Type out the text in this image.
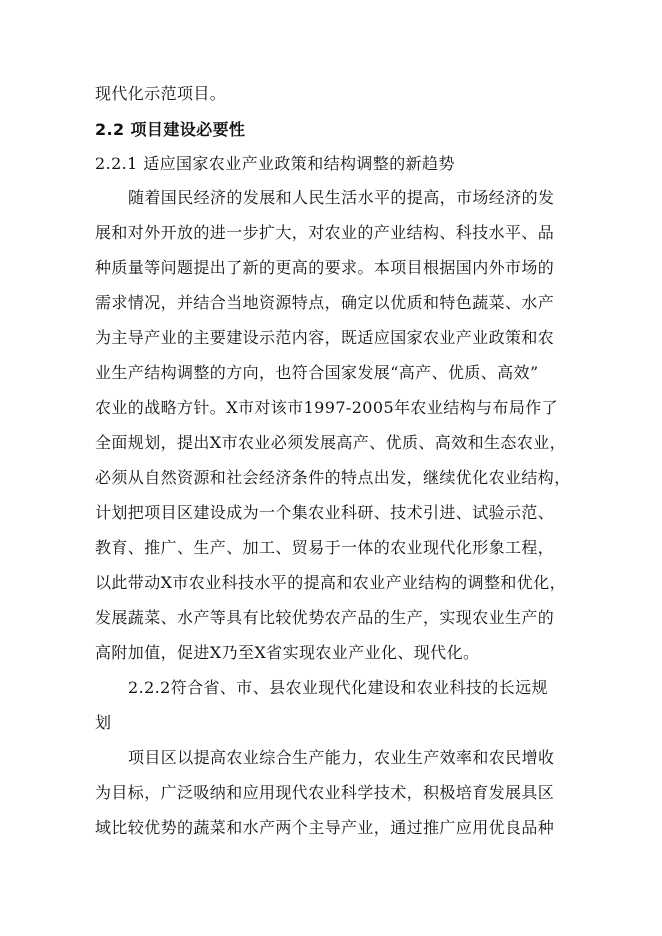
现代化示范项目。
2.2 项目建设必要性
2.2.1 适应国家农业产业政策和结构调整的新趋势
随着国民经济的发展和人民生活水平的提高，市场经济的发
展和对外开放的进一步扩大，对农业的产业结构、科技水平、品
种质量等问题提出了新的更高的要求。本项目根据国内外市场的
需求情况，并结合当地资源特点，确定以优质和特色蔬菜、水产
为主导产业的主要建设示范内容，既适应国家农业产业政策和农
业生产结构调整的方向，也符合国家发展“高产、优质、高效”
农业的战略方针。X市对该市1997-2005年农业结构与布局作了
全面规划，提出X市农业必须发展高产、优质、高效和生态农业，
必须从自然资源和社会经济条件的特点出发，继续优化农业结构，
计划把项目区建设成为一个集农业科研、技术引进、试验示范、
教育、推广、生产、加工、贸易于一体的农业现代化形象工程，
以此带动X市农业科技水平的提高和农业产业结构的调整和优化，
发展蔬菜、水产等具有比较优势农产品的生产，实现农业生产的
高附加值，促进X乃至X省实现农业产业化、现代化。
2.2.2符合省、市、县农业现代化建设和农业科技的长远规
划
项目区以提高农业综合生产能力，农业生产效率和农民增收
为目标，广泛吸纳和应用现代农业科学技术，积极培育发展具区
域比较优势的蔬菜和水产两个主导产业，通过推广应用优良品种
